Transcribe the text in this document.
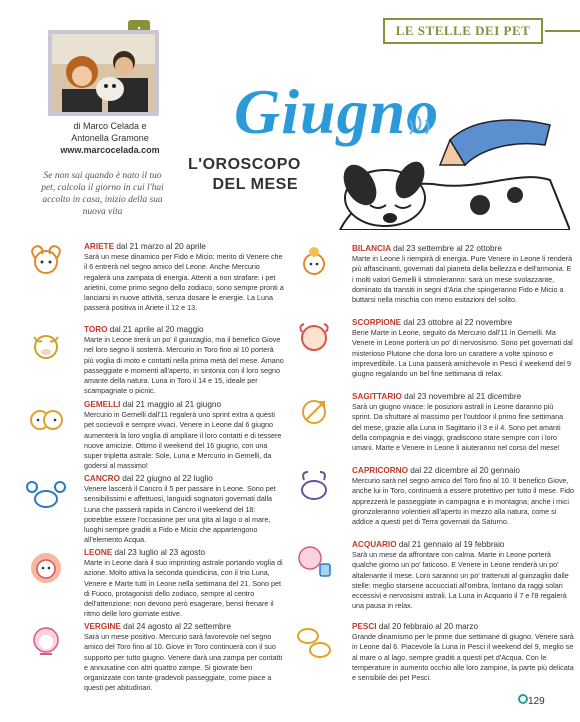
di Marco Celada e
Antonella Gramone
www.marcocelada.com
Se non sai quando è nato il tuo pet, calcola il giorno in cui l'hai accolto in casa, inizio della sua nuova vita
LE STELLE DEI PET
Giugno
L'OROSCOPO
DEL MESE

ARIETE dal 21 marzo al 20 aprile

Sarà un mese dinamico per Fido e Micio: merito di Venere che il 6 entrerà nel segno amico del Leone. Anche Mercurio regalerà una zampata di energia. Attenti a non strafare: i pet arietini, come primo segno dello zodiaco, sono sempre pronti a lanciarsi in nuove attività, senza dosare le energie. La Luna passerà positiva in Ariete il 12 e 13.

TORO dal 21 aprile al 20 maggio

Marte in Leone tirerà un po' il guinzaglio, ma il benefico Giove nel loro segno li sosterrà. Mercurio in Toro fino al 10 porterà più voglia di moto e contatti nella prima metà del mese. Amano passeggiate e momenti all'aperto, in sintonia con il loro segno amante della natura. Luna in Toro il 14 e 15, ideale per scampagnate o picnic.

GEMELLI dal 21 maggio al 21 giugno

Mercurio in Gemelli dall'11 regalerà uno sprint extra a questi pet socievoli e sempre vivaci. Venere in Leone dal 6 giugno aumenterà la loro voglia di ampliare il loro contatti e di tessere nuove amicizie. Ottimo il weekend del 16 giugno, con una super tripletta astrale: Sole, Luna e Mercurio in Gemelli, da godersi al massimo!

CANCRO dal 22 giugno al 22 luglio

Venere lascerà il Cancro il 5 per passare in Leone. Sono pet sensibilissimi e affettuosi, languidi sognatori governati dalla Luna che passerà rapida in Cancro il weekend del 18: potrebbe essere l'occasione per una gita al lago o al mare, luoghi sempre graditi a Fido e Micio che appartengono all'elemento Acqua.

LEONE dal 23 luglio al 23 agosto

Marte in Leone darà il suo imprinting astrale portando voglia di azione. Molto attiva la seconda quindicina, con il trio Luna, Venere e Marte tutti in Leone nella settimana del 21. Sono pet di Fuoco, protagonisti dello zodiaco, sempre al centro dell'attenzione: non devono però esagerare, bensì frenare il ritmo delle loro giornate estive.

VERGINE dal 24 agosto al 22 settembre

Sarà un mese positivo. Mercurio sarà favorevole nel segno amico del Toro fino al 10. Giove in Toro continuerà con il suo supporto per tutto giugno. Venere darà una zampa per contatti e annusatine con altri quattro zampe. Si giovrate ben organizzate con tante gradevoli passeggiate, come piace a questi pet abitudinari.

BILANCIA dal 23 settembre al 22 ottobre

Marte in Leone li riempirà di energia. Pure Venere in Leone li renderà più affascinanti, governati dal pianeta della bellezza e dell'armonia. E i molti valori Gemelli li stimoleranno: sarà un mese svolazzante, dominato da transiti in segni d'Aria che spingeranno Fido e Micio a buttarsi nella mischia con meno esitazioni del solito.

SCORPIONE dal 23 ottobre al 22 novembre

Bene Marte in Leone, seguito da Mercurio dall'11 in Gemelli. Ma Venere in Leone porterà un po' di nervosismo. Sono pet governati dal misterioso Plutone che dona loro un carattere a volte spinoso e imprevedibile. La Luna passerà amichevole in Pesci il weekend del 9 giugno regalando un bel fine settimana di relax.

SAGITTARIO dal 23 novembre al 21 dicembre

Sarà un giugno vivace: le posizioni astrali in Leone daranno più sprint. Da sfruttare al massimo per l'outdoor il primo fine settimana del mese, grazie alla Luna in Sagittario il 3 e il 4. Sono pet amanti della compagnia e dei viaggi, gradiscono stare sempre con i loro umani. Marte e Venere in Leone li aiuteranno nel corso del mese!

CAPRICORNO dal 22 dicembre al 20 gennaio

Mercurio sarà nel segno amico del Toro fino al 10. Il benefico Giove, anche lui in Toro, continuerà a essere protettivo per tutto il mese. Fido apprezzerà le passeggiate in campagna e in montagna; anche i mici gironzoleranno volentieri all'aperto in mezzo alla natura, come si addice a questi pet di Terra governati da Saturno.

ACQUARIO dal 21 gennaio al 19 febbraio

Sarà un mese da affrontare con calma. Marte in Leone porterà qualche giorno un po' faticoso. E Venere in Leone renderà un po' altalenante il mese. Loro saranno un po' trattenuti al guinzaglio dalle stelle: meglio starsene accucciati all'ombra, lontano da raggi solari eccessivi e nervosismi astrali. La Luna in Acquario il 7 e l'8 regalerà una pausa in relax.

PESCI dal 20 febbraio al 20 marzo

Grande dinamismo per le prime due settimane di giugno. Venere sarà in Leone dal 6. Piacevole la Luna in Pesci il weekend del 9, meglio se al mare o al lago, sempre graditi a questi pet d'Acqua. Con le temperature in aumento occhio alle loro zampine, la parte più delicata e sensibile dei pet Pesci.

129
